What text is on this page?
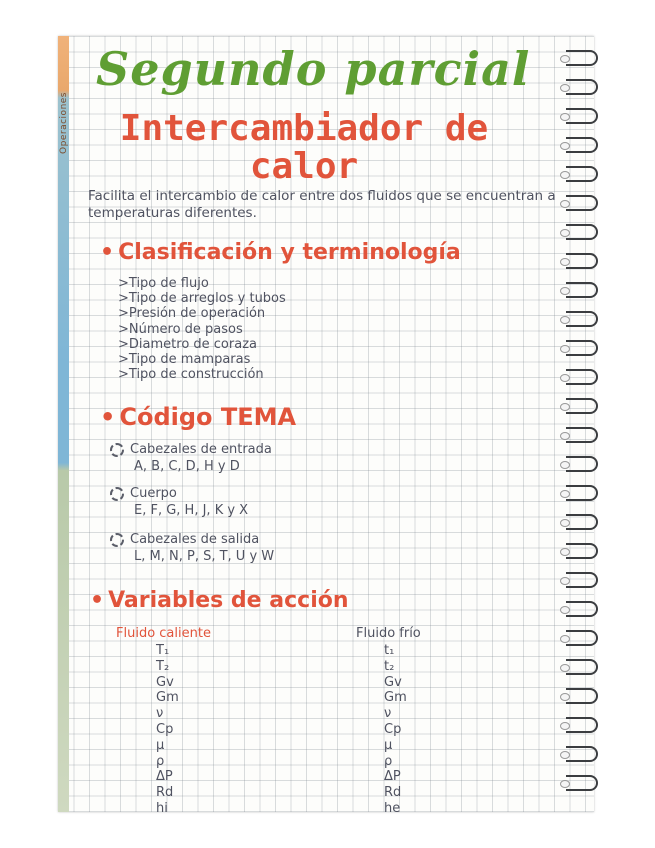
Operaciones
Segundo parcial
Intercambiador de
calor
Facilita el intercambio de calor entre dos fluidos que se encuentran a temperaturas diferentes.
• Clasificación y terminología
>Tipo de flujo
>Tipo de arreglos y tubos
>Presión de operación
>Número de pasos
>Diametro de coraza
>Tipo de mamparas
>Tipo de construcción
• Código TEMA
Cabezales de entrada
A, B, C, D, H y D
Cuerpo
E, F, G, H, J, K y X
Cabezales de salida
L, M, N, P, S, T, U y W
• Variables de acción
Fluido caliente
T₁
T₂
Gv
Gm
ν
Cp
μ
ρ
ΔP
Rd
hi
Fluido frío
t₁
t₂
Gv
Gm
ν
Cp
μ
ρ
ΔP
Rd
he
